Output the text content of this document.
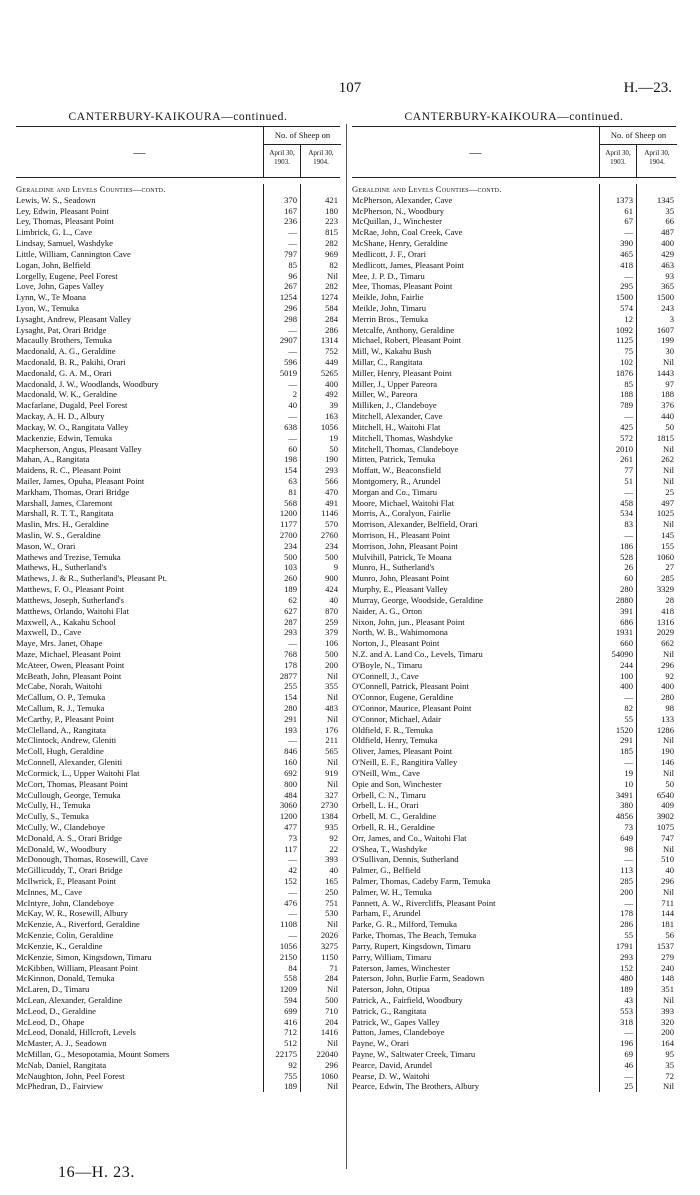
107	H.—23.
CANTERBURY-KAIKOURA—continued.
—
No. of Sheep on
April 30, 1903.
April 30, 1904.
Geraldine and Levels Counties—contd.
Lewis, W. S., Seadown	370	421
Ley, Edwin, Pleasant Point	167	180
Ley, Thomas, Pleasant Point	236	223
Limbrick, G. L., Cave	—	815
Lindsay, Samuel, Washdyke	—	282
Little, William, Cannington Cave	797	969
Logan, John, Belfield	85	82
Lorgelly, Eugene, Peel Forest	96	Nil
Love, John, Gapes Valley	267	282
Lynn, W., Te Moana	1254	1274
Lyon, W., Temuka	296	584
Lysaght, Andrew, Pleasant Valley	298	284
Lysaght, Pat, Orari Bridge	—	286
Macaully Brothers, Temuka	2907	1314
Macdonald, A. G., Geraldine	—	752
Macdonald, B. R., Pakihi, Orari	596	449
Macdonald, G. A. M., Orari	5019	5265
Macdonald, J. W., Woodlands, Woodbury	—	400
Macdonald, W. K., Geraldine	2	492
Macfarlane, Dugald, Peel Forest	40	39
Mackay, A. H. D., Albury	—	163
Mackay, W. O., Rangitata Valley	638	1056
Mackenzie, Edwin, Temuka	—	19
Macpherson, Angus, Pleasant Valley	60	50
Mahan, A., Rangitata	198	190
Maidens, R. C., Pleasant Point	154	293
Mailer, James, Opuha, Pleasant Point	63	566
Markham, Thomas, Orari Bridge	81	470
Marshall, James, Claremont	568	491
Marshall, R. T. T., Rangitata	1200	1146
Maslin, Mrs. H., Geraldine	1177	570
Maslin, W. S., Geraldine	2700	2760
Mason, W., Orari	234	234
Mathews and Trezise, Temuka	500	500
Mathews, H., Sutherland's	103	9
Mathews, J. & R., Sutherland's, Pleasant Pt.	260	900
Matthews, F. O., Pleasant Point	189	424
Matthews, Joseph, Sutherland's	62	40
Matthews, Orlando, Waitohi Flat	627	870
Maxwell, A., Kakahu School	287	259
Maxwell, D., Cave	293	379
Maye, Mrs. Janet, Ohape	—	106
Maze, Michael, Pleasant Point	768	500
McAteer, Owen, Pleasant Point	178	200
McBeath, John, Pleasant Point	2877	Nil
McCabe, Norah, Waitohi	255	355
McCallum, O. P., Temuka	154	Nil
McCallum, R. J., Temuka	280	483
McCarthy, P., Pleasant Point	291	Nil
McClelland, A., Rangitata	193	176
McClintock, Andrew, Gleniti	—	211
McColl, Hugh, Geraldine	846	565
McConnell, Alexander, Gleniti	160	Nil
McCormick, L., Upper Waitohi Flat	692	919
McCort, Thomas, Pleasant Point	800	Nil
McCullough, George, Temuka	484	327
McCully, H., Temuka	3060	2730
McCully, S., Temuka	1200	1384
McCully, W., Clandeboye	477	935
McDonald, A. S., Orari Bridge	73	92
McDonald, W., Woodbury	117	22
McDonough, Thomas, Rosewill, Cave	—	393
McGillicuddy, T., Orari Bridge	42	40
McIlwrick, F., Pleasant Point	152	165
McInnes, M., Cave	—	250
McIntyre, John, Clandeboye	476	751
McKay, W. R., Rosewill, Albury	—	530
McKenzie, A., Riverford, Geraldine	1108	Nil
McKenzie, Colin, Geraldine	—	2026
McKenzie, K., Geraldine	1056	3275
McKenzie, Simon, Kingsdown, Timaru	2150	1150
McKibben, William, Pleasant Point	84	71
McKinnon, Donald, Temuka	558	284
McLaren, D., Timaru	1209	Nil
McLean, Alexander, Geraldine	594	500
McLeod, D., Geraldine	699	710
McLeod, D., Ohape	416	204
McLeod, Donald, Hillcroft, Levels	712	1416
McMaster, A. J., Seadown	512	Nil
McMillan, G., Mesopotamia, Mount Somers	22175	22040
McNab, Daniel, Rangitata	92	296
McNaughton, John, Peel Forest	755	1060
McPhedran, D., Fairview	189	Nil
CANTERBURY-KAIKOURA—continued.
—
No. of Sheep on
April 30, 1903.
April 30, 1904.
Geraldine and Levels Counties—contd.
McPherson, Alexander, Cave	1373	1345
McPherson, N., Woodbury	61	35
McQuillan, J., Winchester	67	66
McRae, John, Coal Creek, Cave	—	487
McShane, Henry, Geraldine	390	400
Medlicott, J. F., Orari	465	429
Medlicott, James, Pleasant Point	418	463
Mee, J. P. D., Timaru	—	93
Mee, Thomas, Pleasant Point	295	365
Meikle, John, Fairlie	1500	1500
Meikle, John, Timaru	574	243
Merrin Bros., Temuka	12	3
Metcalfe, Anthony, Geraldine	1092	1607
Michael, Robert, Pleasant Point	1125	199
Mill, W., Kakahu Bush	75	30
Millar, C., Rangitata	102	Nil
Miller, Henry, Pleasant Point	1876	1443
Miller, J., Upper Pareora	85	97
Miller, W., Pareora	188	188
Milliken, J., Clandeboye	789	376
Mitchell, Alexander, Cave	—	440
Mitchell, H., Waitohi Flat	425	50
Mitchell, Thomas, Washdyke	572	1815
Mitchell, Thomas, Clandeboye	2010	Nil
Mitten, Patrick, Temuka	261	262
Moffatt, W., Beaconsfield	77	Nil
Montgomery, R., Arundel	51	Nil
Morgan and Co., Timaru	—	25
Moore, Michael, Waitohi Flat	458	497
Morris, A., Coralyon, Fairlie	534	1025
Morrison, Alexander, Belfield, Orari	83	Nil
Morrison, H., Pleasant Point	—	145
Morrison, John, Pleasant Point	186	155
Mulvihill, Patrick, Te Moana	528	1060
Munro, H., Sutherland's	26	27
Munro, John, Pleasant Point	60	285
Murphy, E., Pleasant Valley	280	3329
Murray, George, Woodside, Geraldine	2880	28
Naider, A. G., Orton	391	418
Nixon, John, jun., Pleasant Point	686	1316
North, W. B., Wahimomona	1931	2029
Norton, J., Pleasant Point	660	662
N.Z. and A. Land Co., Levels, Timaru	54090	Nil
O'Boyle, N., Timaru	244	296
O'Connell, J., Cave	100	92
O'Connell, Patrick, Pleasant Point	400	400
O'Connor, Eugene, Geraldine	—	280
O'Connor, Maurice, Pleasant Point	82	98
O'Connor, Michael, Adair	55	133
Oldfield, F. R., Temuka	1520	1286
Oldfield, Henry, Temuka	291	Nil
Oliver, James, Pleasant Point	185	190
O'Neill, E. F., Rangitira Valley	—	146
O'Neill, Wm., Cave	19	Nil
Opie and Son, Winchester	10	50
Orbell, C. N., Timaru	3491	6540
Orbell, L. H., Orari	380	409
Orbell, M. C., Geraldine	4856	3902
Orbell, R. H., Geraldine	73	1075
Orr, James, and Co., Waitohi Flat	649	747
O'Shea, T., Washdyke	98	Nil
O'Sullivan, Dennis, Sutherland	—	510
Palmer, G., Belfield	113	40
Palmer, Thomas, Cadeby Farm, Temuka	285	296
Palmer, W. H., Temuka	200	Nil
Pannett, A. W., Rivercliffs, Pleasant Point	—	711
Parham, F., Arundel	178	144
Parke, G. R., Milford, Temuka	286	181
Parke, Thomas, The Beach, Temuka	55	56
Parry, Rupert, Kingsdown, Timaru	1791	1537
Parry, William, Timaru	293	279
Paterson, James, Winchester	152	240
Paterson, John, Burlie Farm, Seadown	480	148
Paterson, John, Otipua	189	351
Patrick, A., Fairfield, Woodbury	43	Nil
Patrick, G., Rangitata	553	393
Patrick, W., Gapes Valley	318	320
Patton, James, Clandeboye	—	200
Payne, W., Orari	196	164
Payne, W., Saltwater Creek, Timaru	69	95
Pearce, David, Arundel	46	35
Pearse, D. W., Waitohi	—	72
Pearce, Edwin, The Brothers, Albury	25	Nil
16—H. 23.
